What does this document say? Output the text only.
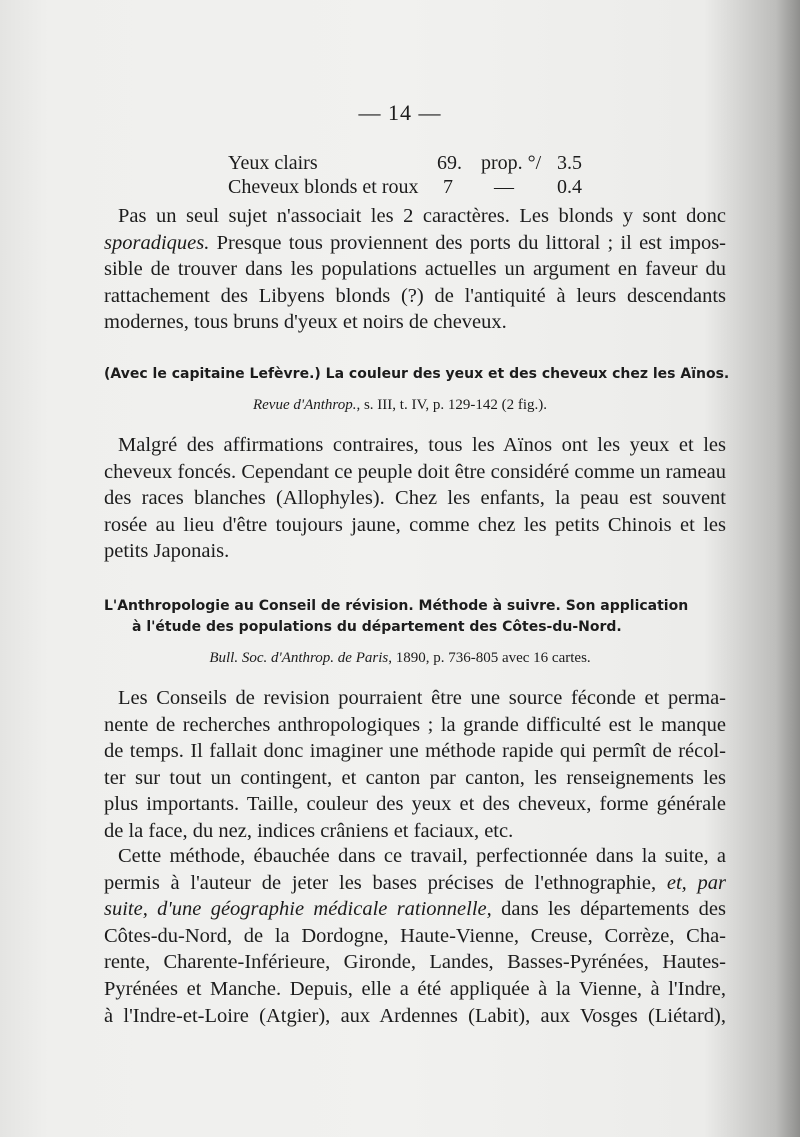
— 14 —
Yeux clairs	69. prop. °/ 3.5
Cheveux blonds et roux 7 — 0.4

Pas un seul sujet n'associait les 2 caractères. Les blonds y sont donc
sporadiques. Presque tous proviennent des ports du littoral ; il est impos-
sible de trouver dans les populations actuelles un argument en faveur du
rattachement des Libyens blonds (?) de l'antiquité à leurs descendants
modernes, tous bruns d'yeux et noirs de cheveux.

(Avec le capitaine Lefèvre.) La couleur des yeux et des cheveux chez les Aïnos.

Revue d'Anthrop., s. III, t. IV, p. 129-142 (2 fig.).

Malgré des affirmations contraires, tous les Aïnos ont les yeux et les
cheveux foncés. Cependant ce peuple doit être considéré comme un rameau
des races blanches (Allophyles). Chez les enfants, la peau est souvent
rosée au lieu d'être toujours jaune, comme chez les petits Chinois et les
petits Japonais.

L'Anthropologie au Conseil de révision. Méthode à suivre. Son application
à l'étude des populations du département des Côtes-du-Nord.

Bull. Soc. d'Anthrop. de Paris, 1890, p. 736-805 avec 16 cartes.

Les Conseils de revision pourraient être une source féconde et perma-
nente de recherches anthropologiques ; la grande difficulté est le manque
de temps. Il fallait donc imaginer une méthode rapide qui permît de récol-
ter sur tout un contingent, et canton par canton, les renseignements les
plus importants. Taille, couleur des yeux et des cheveux, forme générale
de la face, du nez, indices crâniens et faciaux, etc.

Cette méthode, ébauchée dans ce travail, perfectionnée dans la suite, a
permis à l'auteur de jeter les bases précises de l'ethnographie, et, par
suite, d'une géographie médicale rationnelle, dans les départements des
Côtes-du-Nord, de la Dordogne, Haute-Vienne, Creuse, Corrèze, Cha-
rente, Charente-Inférieure, Gironde, Landes, Basses-Pyrénées, Hautes-
Pyrénées et Manche. Depuis, elle a été appliquée à la Vienne, à l'Indre,
à l'Indre-et-Loire (Atgier), aux Ardennes (Labit), aux Vosges (Liétard),
